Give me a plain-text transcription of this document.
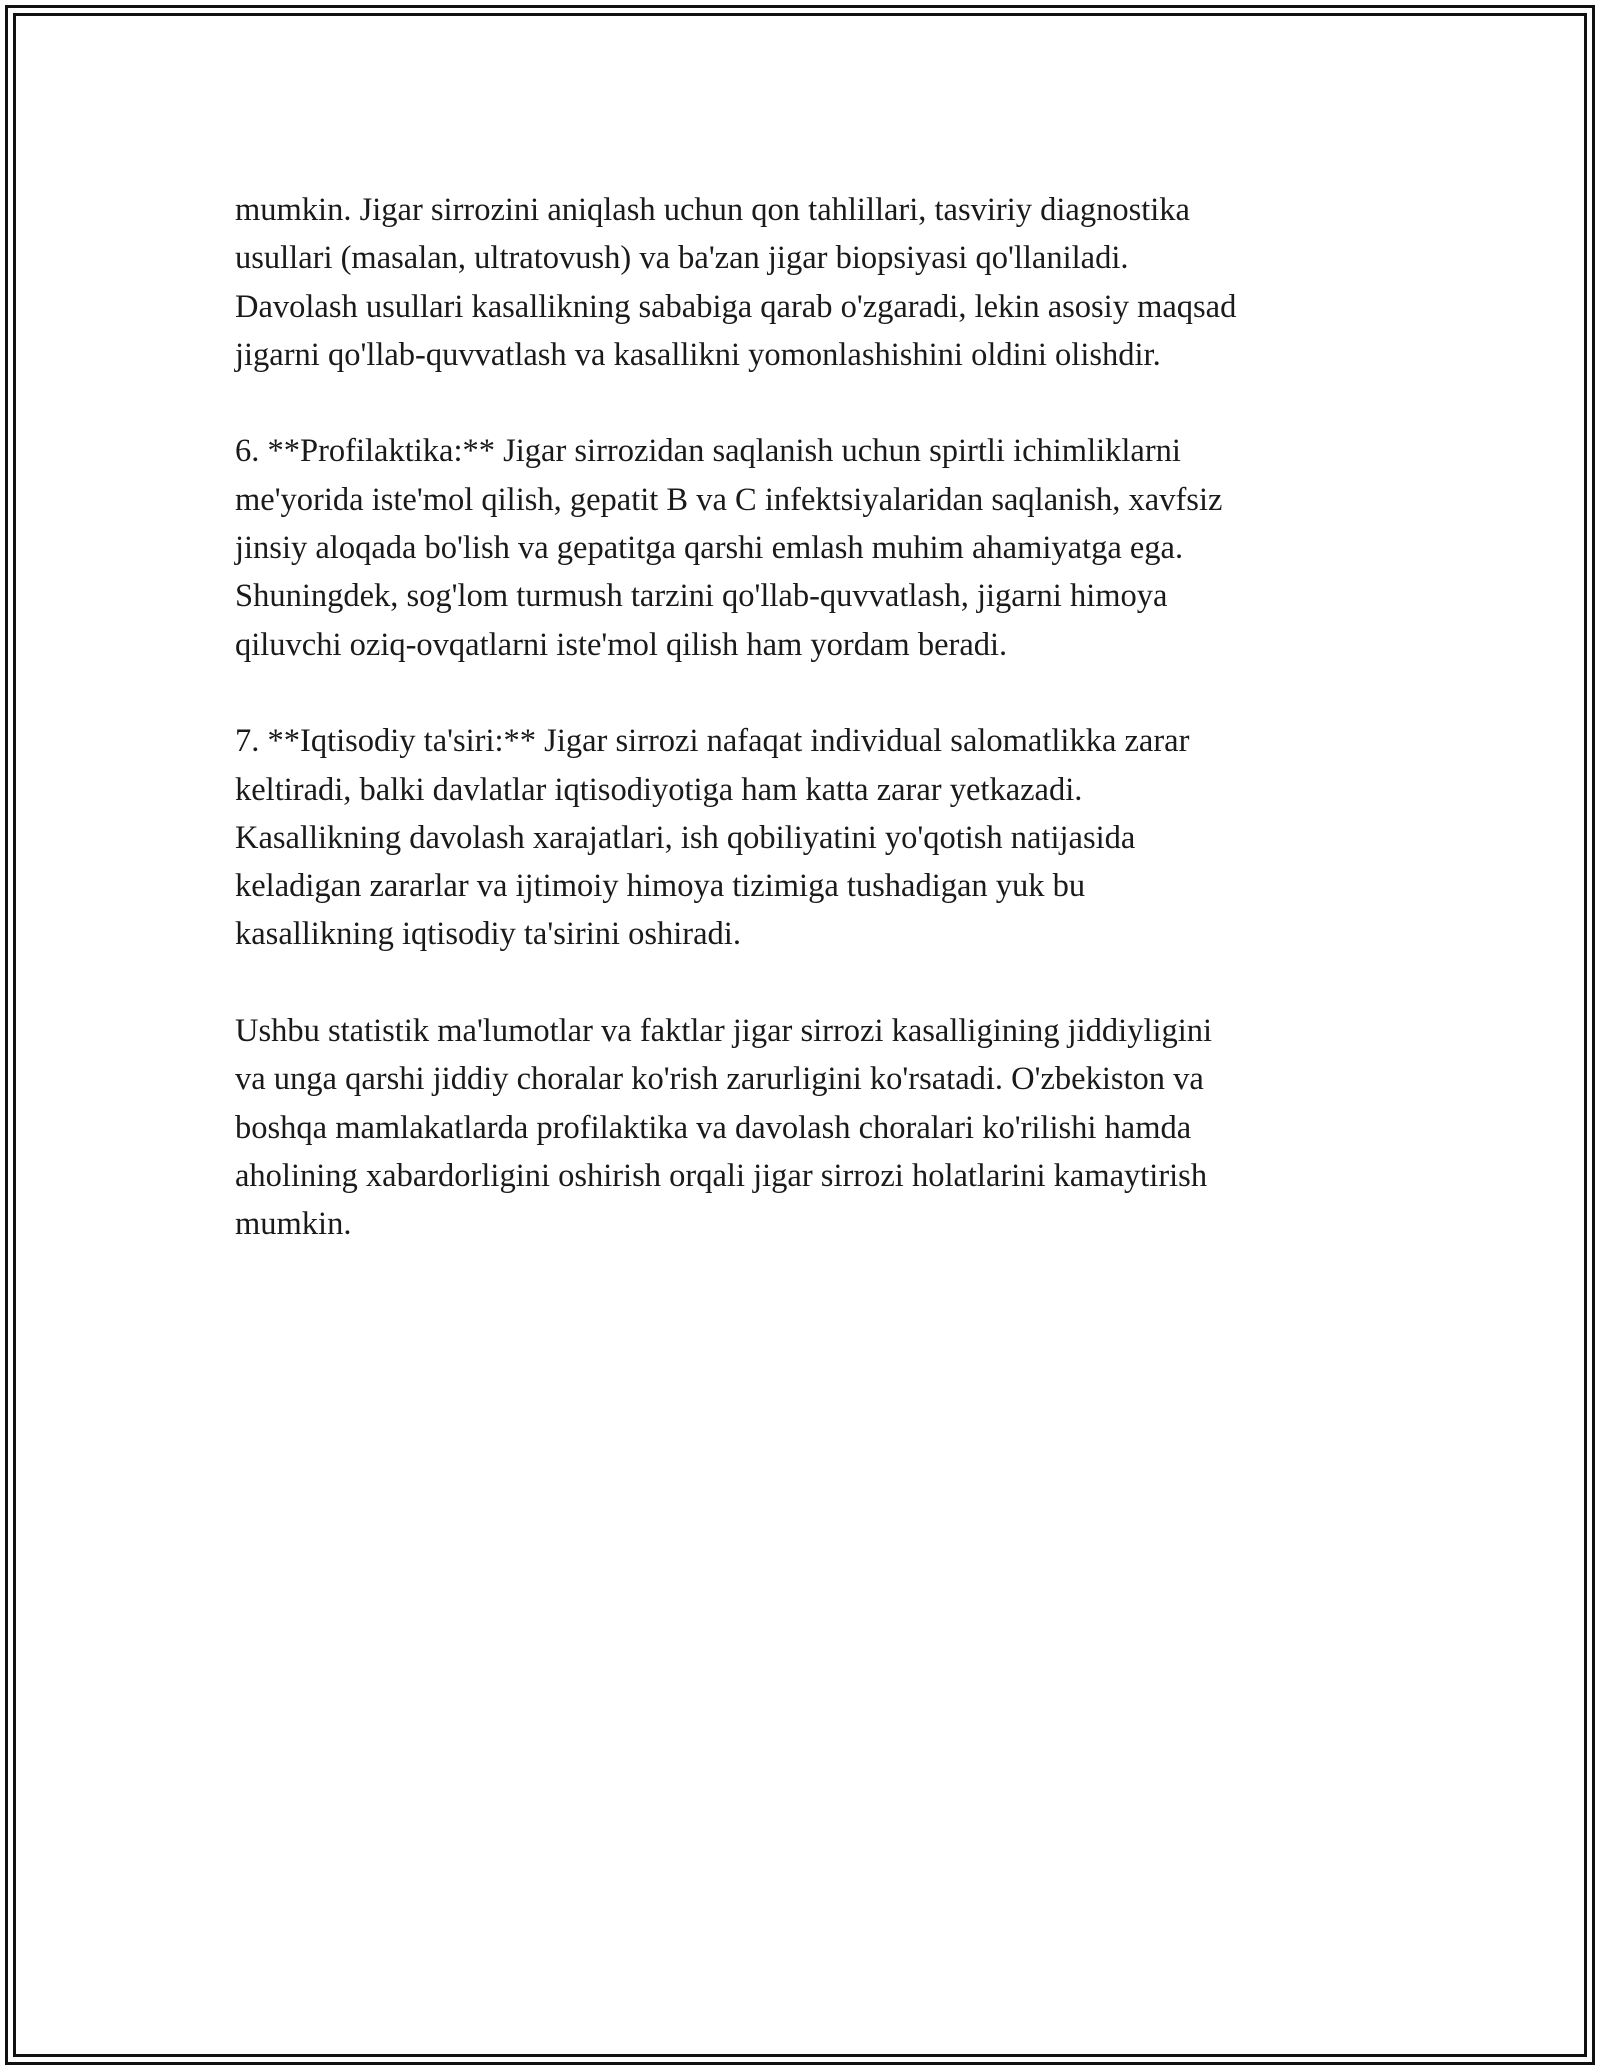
mumkin. Jigar sirrozini aniqlash uchun qon tahlillari, tasviriy diagnostika
usullari (masalan, ultratovush) va ba'zan jigar biopsiyasi qo'llaniladi.
Davolash usullari kasallikning sababiga qarab o'zgaradi, lekin asosiy maqsad
jigarni qo'llab-quvvatlash va kasallikni yomonlashishini oldini olishdir.

6. **Profilaktika:** Jigar sirrozidan saqlanish uchun spirtli ichimliklarni
me'yorida iste'mol qilish, gepatit B va C infektsiyalaridan saqlanish, xavfsiz
jinsiy aloqada bo'lish va gepatitga qarshi emlash muhim ahamiyatga ega.
Shuningdek, sog'lom turmush tarzini qo'llab-quvvatlash, jigarni himoya
qiluvchi oziq-ovqatlarni iste'mol qilish ham yordam beradi.

7. **Iqtisodiy ta'siri:** Jigar sirrozi nafaqat individual salomatlikka zarar
keltiradi, balki davlatlar iqtisodiyotiga ham katta zarar yetkazadi.
Kasallikning davolash xarajatlari, ish qobiliyatini yo'qotish natijasida
keladigan zararlar va ijtimoiy himoya tizimiga tushadigan yuk bu
kasallikning iqtisodiy ta'sirini oshiradi.

Ushbu statistik ma'lumotlar va faktlar jigar sirrozi kasalligining jiddiyligini
va unga qarshi jiddiy choralar ko'rish zarurligini ko'rsatadi. O'zbekiston va
boshqa mamlakatlarda profilaktika va davolash choralari ko'rilishi hamda
aholining xabardorligini oshirish orqali jigar sirrozi holatlarini kamaytirish
mumkin.
